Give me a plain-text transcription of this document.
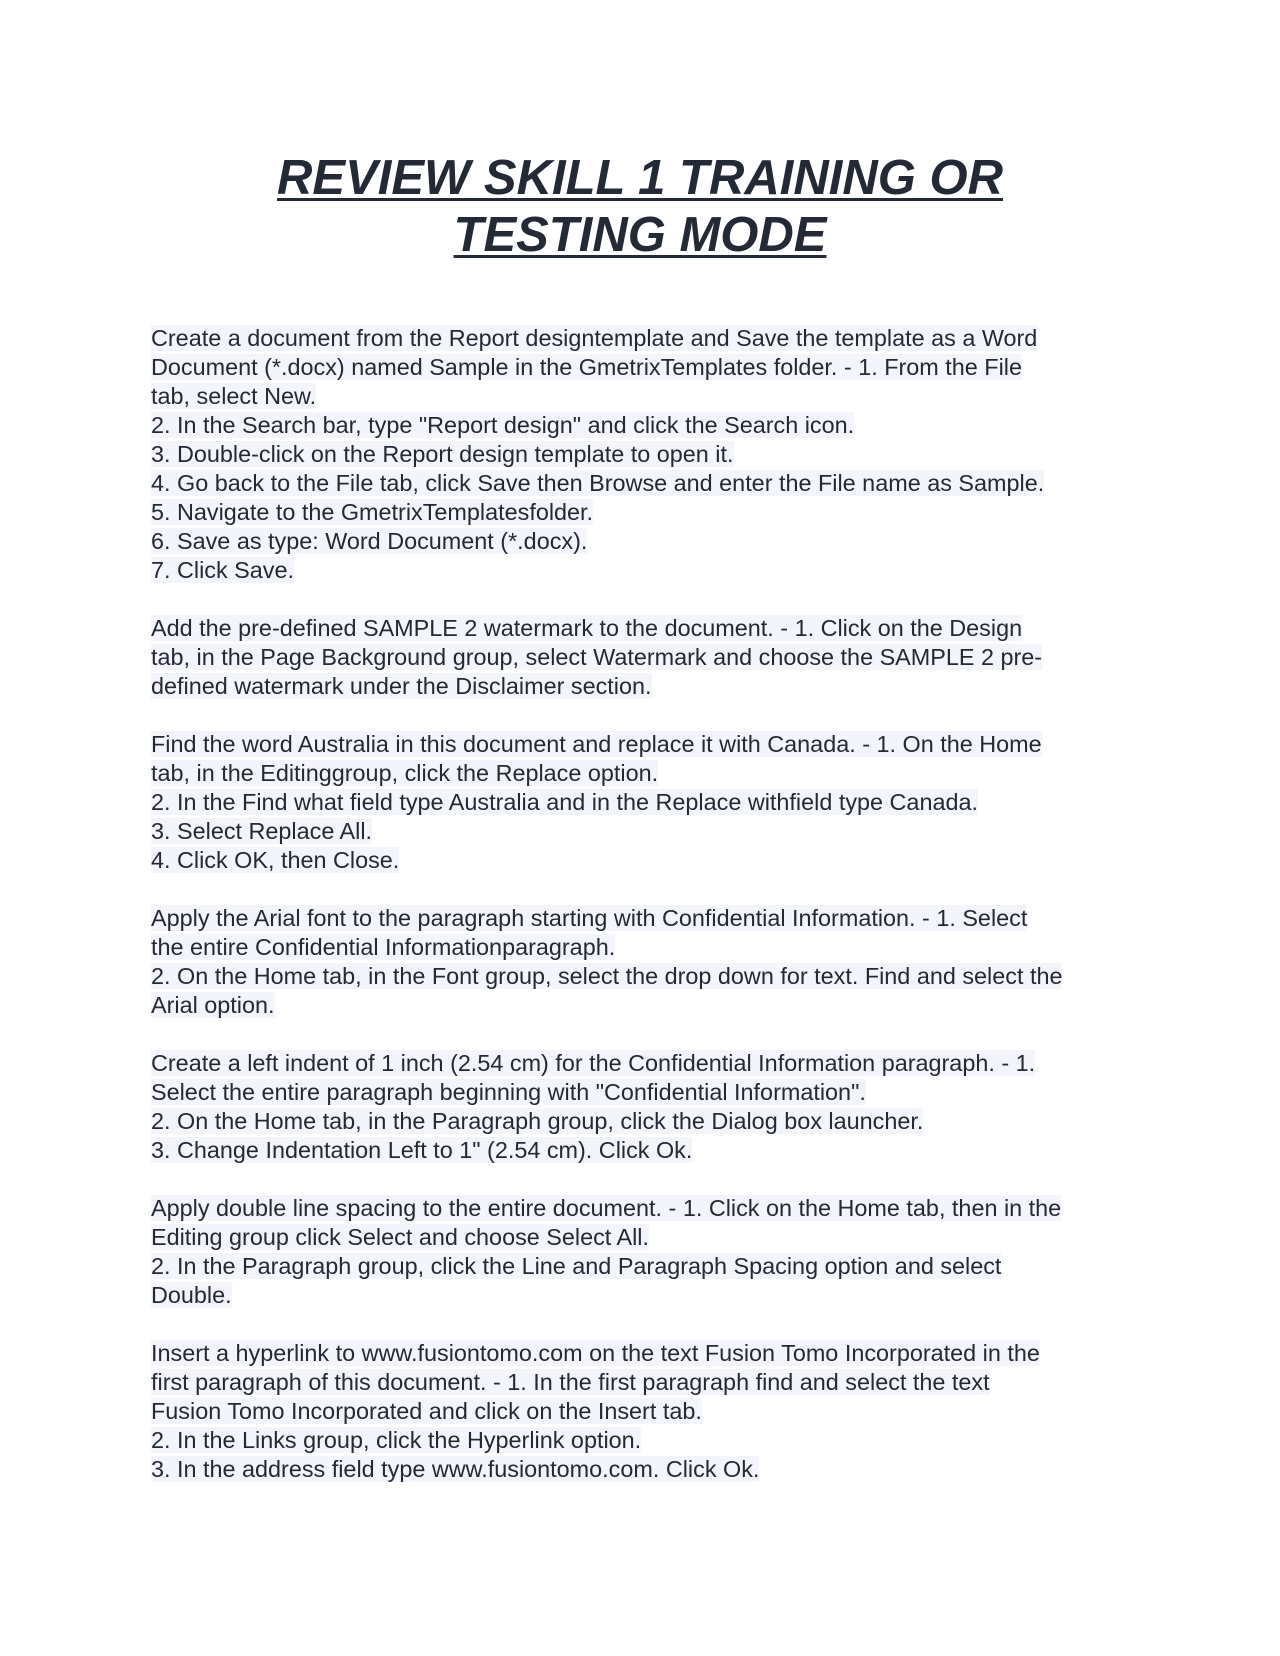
REVIEW SKILL 1 TRAINING OR
TESTING MODE
Create a document from the Report designtemplate and Save the template as a Word
Document (*.docx) named Sample in the GmetrixTemplates folder. - 1. From the File
tab, select New.
2. In the Search bar, type "Report design" and click the Search icon.
3. Double-click on the Report design template to open it.
4. Go back to the File tab, click Save then Browse and enter the File name as Sample.
5. Navigate to the GmetrixTemplatesfolder.
6. Save as type: Word Document (*.docx).
7. Click Save.
Add the pre-defined SAMPLE 2 watermark to the document. - 1. Click on the Design
tab, in the Page Background group, select Watermark and choose the SAMPLE 2 pre-
defined watermark under the Disclaimer section.
Find the word Australia in this document and replace it with Canada. - 1. On the Home
tab, in the Editinggroup, click the Replace option.
2. In the Find what field type Australia and in the Replace withfield type Canada.
3. Select Replace All.
4. Click OK, then Close.
Apply the Arial font to the paragraph starting with Confidential Information. - 1. Select
the entire Confidential Informationparagraph.
2. On the Home tab, in the Font group, select the drop down for text. Find and select the
Arial option.
Create a left indent of 1 inch (2.54 cm) for the Confidential Information paragraph. - 1.
Select the entire paragraph beginning with "Confidential Information".
2. On the Home tab, in the Paragraph group, click the Dialog box launcher.
3. Change Indentation Left to 1" (2.54 cm). Click Ok.
Apply double line spacing to the entire document. - 1. Click on the Home tab, then in the
Editing group click Select and choose Select All.
2. In the Paragraph group, click the Line and Paragraph Spacing option and select
Double.
Insert a hyperlink to www.fusiontomo.com on the text Fusion Tomo Incorporated in the
first paragraph of this document. - 1. In the first paragraph find and select the text
Fusion Tomo Incorporated and click on the Insert tab.
2. In the Links group, click the Hyperlink option.
3. In the address field type www.fusiontomo.com. Click Ok.
